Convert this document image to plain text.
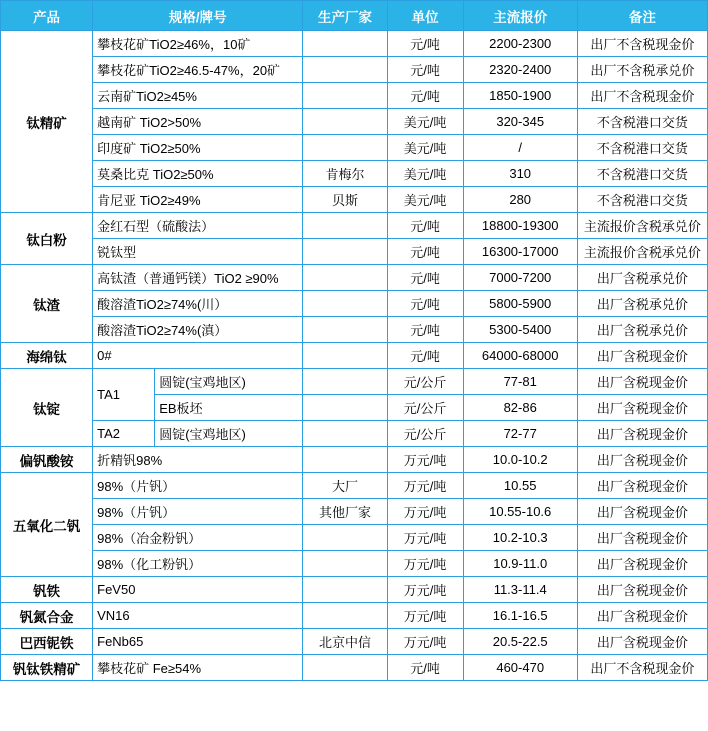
产品	规格/牌号		生产厂家	单位	主流报价	备注
钛精矿	攀枝花矿TiO2≥46%，10矿			元/吨	2200-2300	出厂不含税现金价
	攀枝花矿TiO2≥46.5-47%，20矿			元/吨	2320-2400	出厂不含税承兑价
	云南矿TiO2≥45%			元/吨	1850-1900	出厂不含税现金价
	越南矿 TiO2>50%			美元/吨	320-345	不含税港口交货
	印度矿 TiO2≥50%			美元/吨	/	不含税港口交货
	莫桑比克 TiO2≥50%		肯梅尔	美元/吨	310	不含税港口交货
	肯尼亚 TiO2≥49%		贝斯	美元/吨	280	不含税港口交货
钛白粉	金红石型（硫酸法）			元/吨	18800-19300	主流报价含税承兑价
	锐钛型			元/吨	16300-17000	主流报价含税承兑价
钛渣	高钛渣（普通钙镁）TiO2 ≥90%			元/吨	7000-7200	出厂含税承兑价
	酸溶渣TiO2≥74%(川）			元/吨	5800-5900	出厂含税承兑价
	酸溶渣TiO2≥74%(滇）			元/吨	5300-5400	出厂含税承兑价
海绵钛	0#			元/吨	64000-68000	出厂含税现金价
钛锭	TA1	圆锭(宝鸡地区)		元/公斤	77-81	出厂含税现金价
		EB板坯		元/公斤	82-86	出厂含税现金价
	TA2	圆锭(宝鸡地区)		元/公斤	72-77	出厂含税现金价
偏钒酸铵	折精钒98%			万元/吨	10.0-10.2	出厂含税现金价
五氧化二钒	98%（片钒）		大厂	万元/吨	10.55	出厂含税现金价
	98%（片钒）		其他厂家	万元/吨	10.55-10.6	出厂含税现金价
	98%（冶金粉钒）			万元/吨	10.2-10.3	出厂含税现金价
	98%（化工粉钒）			万元/吨	10.9-11.0	出厂含税现金价
钒铁	FeV50			万元/吨	11.3-11.4	出厂含税现金价
钒氮合金	VN16			万元/吨	16.1-16.5	出厂含税现金价
巴西铌铁	FeNb65		北京中信	万元/吨	20.5-22.5	出厂含税现金价
钒钛铁精矿	攀枝花矿 Fe≥54%			元/吨	460-470	出厂不含税现金价
